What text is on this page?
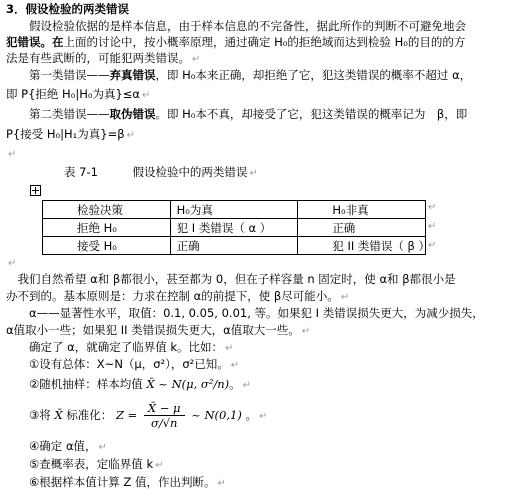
3．假设检验的两类错误
　　假设检验依据的是样本信息，由于样本信息的不完备性，据此所作的判断不可避免地会
犯错误。在上面的讨论中，按小概率原理，通过确定 H₀的拒绝域而达到检验 H₀的目的的方
法是有些武断的，可能犯两类错误。 ↵
　　第一类错误——弃真错误，即 H₀本来正确，却拒绝了它，犯这类错误的概率不超过 α，
即 P{拒绝 H₀|H₀为真}≤α ↵
　　第二类错误——取伪错误。即 H₀本不真，却接受了它，犯这类错误的概率记为　β，即
P{接受 H₀|H₁为真}=β ↵
↵
表 7-1　　　假设检验中的两类错误 ↵
检验决策	H₀为真	H₀非真
拒绝 H₀	犯 I 类错误（ α ）	正确
接受 H₀	正确	犯 II 类错误（ β ）
↵
↵
↵
↵
　我们自然希望 α和 β都很小，甚至都为 0，但在子样容量 n 固定时，使 α和 β都很小是
办不到的。基本原则是：力求在控制 α的前提下，使 β尽可能小。 ↵
　　α——显著性水平，取值：0.1, 0.05, 0.01, 等。如果犯 I 类错误损失更大，为减少损失，
α值取小一些；如果犯 II 类错误损失更大，α值取大一些。 ↵
　　确定了 α，就确定了临界值 k。比如： ↵
　　①设有总体：X~N（μ，σ²），σ²已知。 ↵
　　②随机抽样：样本均值 X̄ ~ N(μ, σ²/n)。 ↵
　　③将 X̄ 标准化： $Z = \frac{X̄ - \mu}{\sigma/√n}$ ~ N(0,1) 。 ↵
　　④确定 α值， ↵
　　⑤查概率表，定临界值 k ↵
　　⑥根据样本值计算 Z 值，作出判断。 ↵
